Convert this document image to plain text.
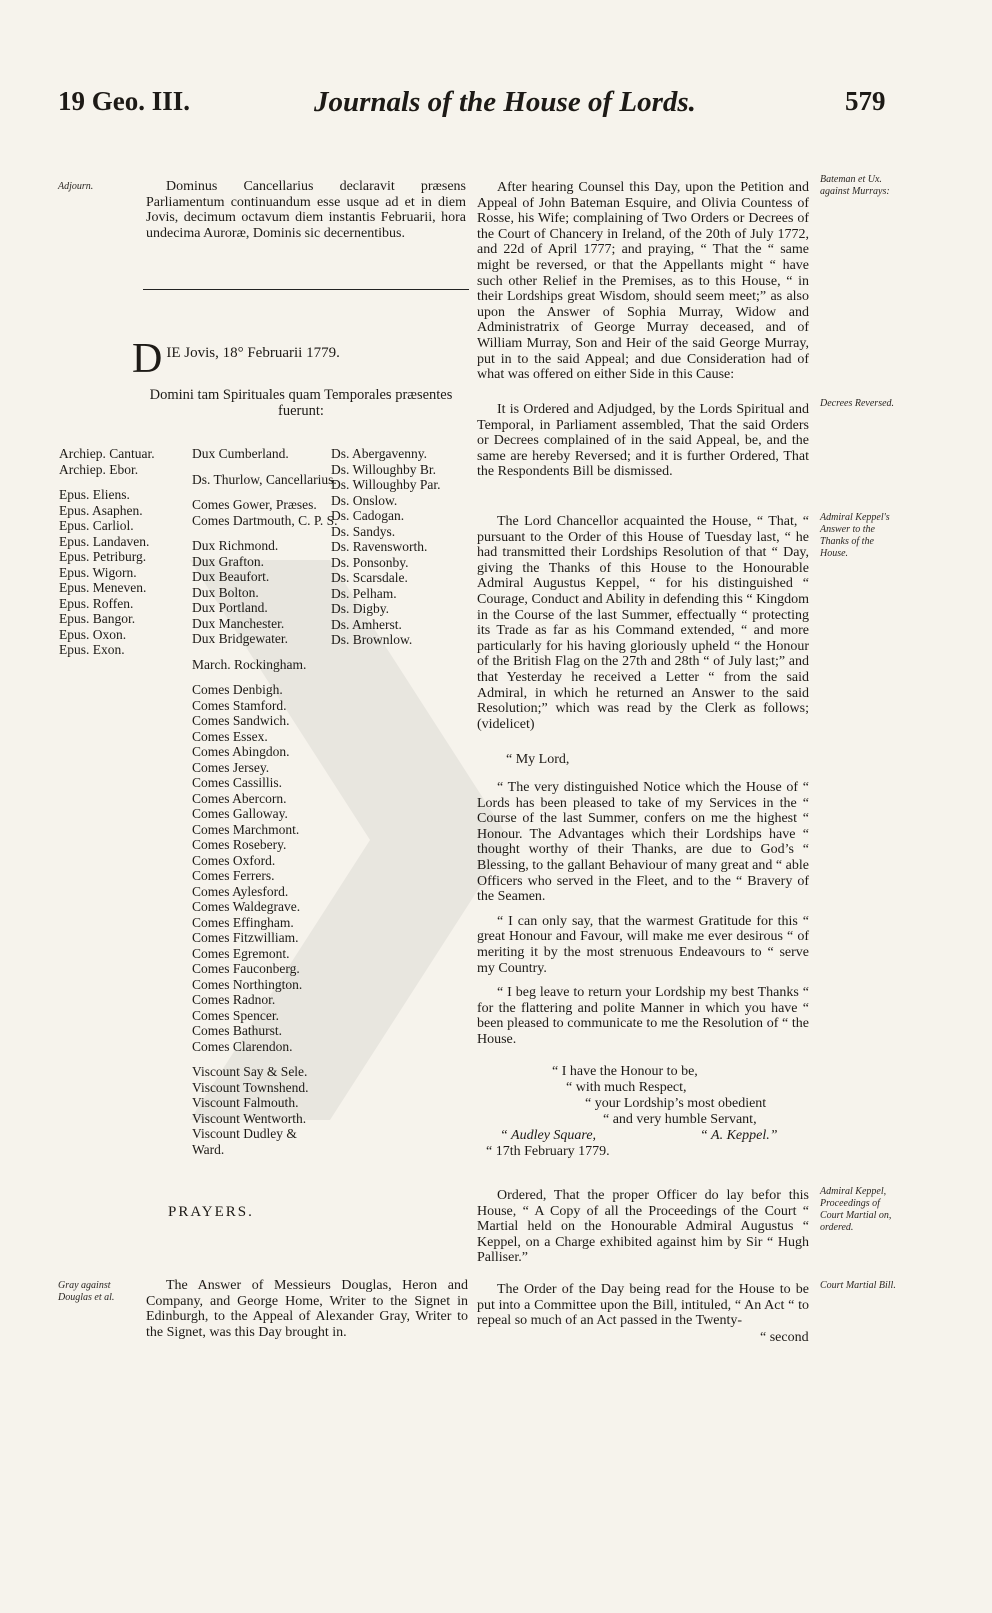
19 Geo. III.	Journals of the House of Lords.	579
Adjourn.	Dominus Cancellarius declaravit præsens Parliamentum continuandum esse usque ad et in diem Jovis, decimum octavum diem instantis Februarii, hora undecima Auroræ, Dominis sic decernentibus.

D IE Jovis, 18° Februarii 1779.
Domini tam Spirituales quam Temporales præsentes fuerunt:
Archiep. Cantuar.
Archiep. Ebor.
Epus. Eliens.
Epus. Asaphen.
Epus. Carliol.
Epus. Landaven.
Epus. Petriburg.
Epus. Wigorn.
Epus. Meneven.
Epus. Roffen.
Epus. Bangor.
Epus. Oxon.
Epus. Exon.
Dux Cumberland.
Ds. Thurlow, Cancellarius.
Comes Gower, Præses.
Comes Dartmouth, C. P. S.
Dux Richmond.
Dux Grafton.
Dux Beaufort.
Dux Bolton.
Dux Portland.
Dux Manchester.
Dux Bridgewater.
March. Rockingham.
Comes Denbigh.
Comes Stamford.
Comes Sandwich.
Comes Essex.
Comes Abingdon.
Comes Jersey.
Comes Cassillis.
Comes Abercorn.
Comes Galloway.
Comes Marchmont.
Comes Rosebery.
Comes Oxford.
Comes Ferrers.
Comes Aylesford.
Comes Waldegrave.
Comes Effingham.
Comes Fitzwilliam.
Comes Egremont.
Comes Fauconberg.
Comes Northington.
Comes Radnor.
Comes Spencer.
Comes Bathurst.
Comes Clarendon.
Viscount Say & Sele.
Viscount Townshend.
Viscount Falmouth.
Viscount Wentworth.
Viscount Dudley &
Ward.
Ds. Abergavenny.
Ds. Willoughby Br.
Ds. Willoughby Par.
Ds. Onslow.
Ds. Cadogan.
Ds. Sandys.
Ds. Ravensworth.
Ds. Ponsonby.
Ds. Scarsdale.
Ds. Pelham.
Ds. Digby.
Ds. Amherst.
Ds. Brownlow.
PRAYERS.
Gray against Douglas et al.

The Answer of Messieurs Douglas, Heron and Company, and George Home, Writer to the Signet in Edinburgh, to the Appeal of Alexander Gray, Writer to the Signet, was this Day brought in.

Bateman et Ux. against Murrays:

After hearing Counsel this Day, upon the Petition and Appeal of John Bateman Esquire, and Olivia Countess of Rosse, his Wife; complaining of Two Orders or Decrees of the Court of Chancery in Ireland, of the 20th of July 1772, and 22d of April 1777; and praying, “ That the “ same might be reversed, or that the Appellants might “ have such other Relief in the Premises, as to this House, “ in their Lordships great Wisdom, should seem meet;” as also upon the Answer of Sophia Murray, Widow and Administratrix of George Murray deceased, and of William Murray, Son and Heir of the said George Murray, put in to the said Appeal; and due Consideration had of what was offered on either Side in this Cause:

Decrees Reversed.

It is Ordered and Adjudged, by the Lords Spiritual and Temporal, in Parliament assembled, That the said Orders or Decrees complained of in the said Appeal, be, and the same are hereby Reversed; and it is further Ordered, That the Respondents Bill be dismissed.

Admiral Keppel's Answer to the Thanks of the House.

The Lord Chancellor acquainted the House, “ That, “ pursuant to the Order of this House of Tuesday last, “ he had transmitted their Lordships Resolution of that “ Day, giving the Thanks of this House to the Honourable Admiral Augustus Keppel, “ for his distinguished “ Courage, Conduct and Ability in defending this “ Kingdom in the Course of the last Summer, effectually “ protecting its Trade as far as his Command extended, “ and more particularly for his having gloriously upheld “ the Honour of the British Flag on the 27th and 28th “ of July last;” and that Yesterday he received a Letter “ from the said Admiral, in which he returned an Answer to the said Resolution;” which was read by the Clerk as follows; (videlicet)

“ My Lord,

“ The very distinguished Notice which the House of “ Lords has been pleased to take of my Services in the “ Course of the last Summer, confers on me the highest “ Honour. The Advantages which their Lordships have “ thought worthy of their Thanks, are due to God’s “ Blessing, to the gallant Behaviour of many great and “ able Officers who served in the Fleet, and to the “ Bravery of the Seamen.

“ I can only say, that the warmest Gratitude for this “ great Honour and Favour, will make me ever desirous “ of meriting it by the most strenuous Endeavours to “ serve my Country.

“ I beg leave to return your Lordship my best Thanks “ for the flattering and polite Manner in which you have “ been pleased to communicate to me the Resolution of “ the House.

“ I have the Honour to be,
“ with much Respect,
“ your Lordship’s most obedient
“ and very humble Servant,
“ Audley Square,	“ A. Keppel.”
“ 17th February 1779.
Admiral Keppel, Proceedings of Court Martial on, ordered.

Ordered, That the proper Officer do lay befor this House, “ A Copy of all the Proceedings of the Court “ Martial held on the Honourable Admiral Augustus “ Keppel, on a Charge exhibited against him by Sir “ Hugh Palliser.”

Court Martial Bill.

The Order of the Day being read for the House to be put into a Committee upon the Bill, intituled, “ An Act “ to repeal so much of an Act passed in the Twenty-

“ second
